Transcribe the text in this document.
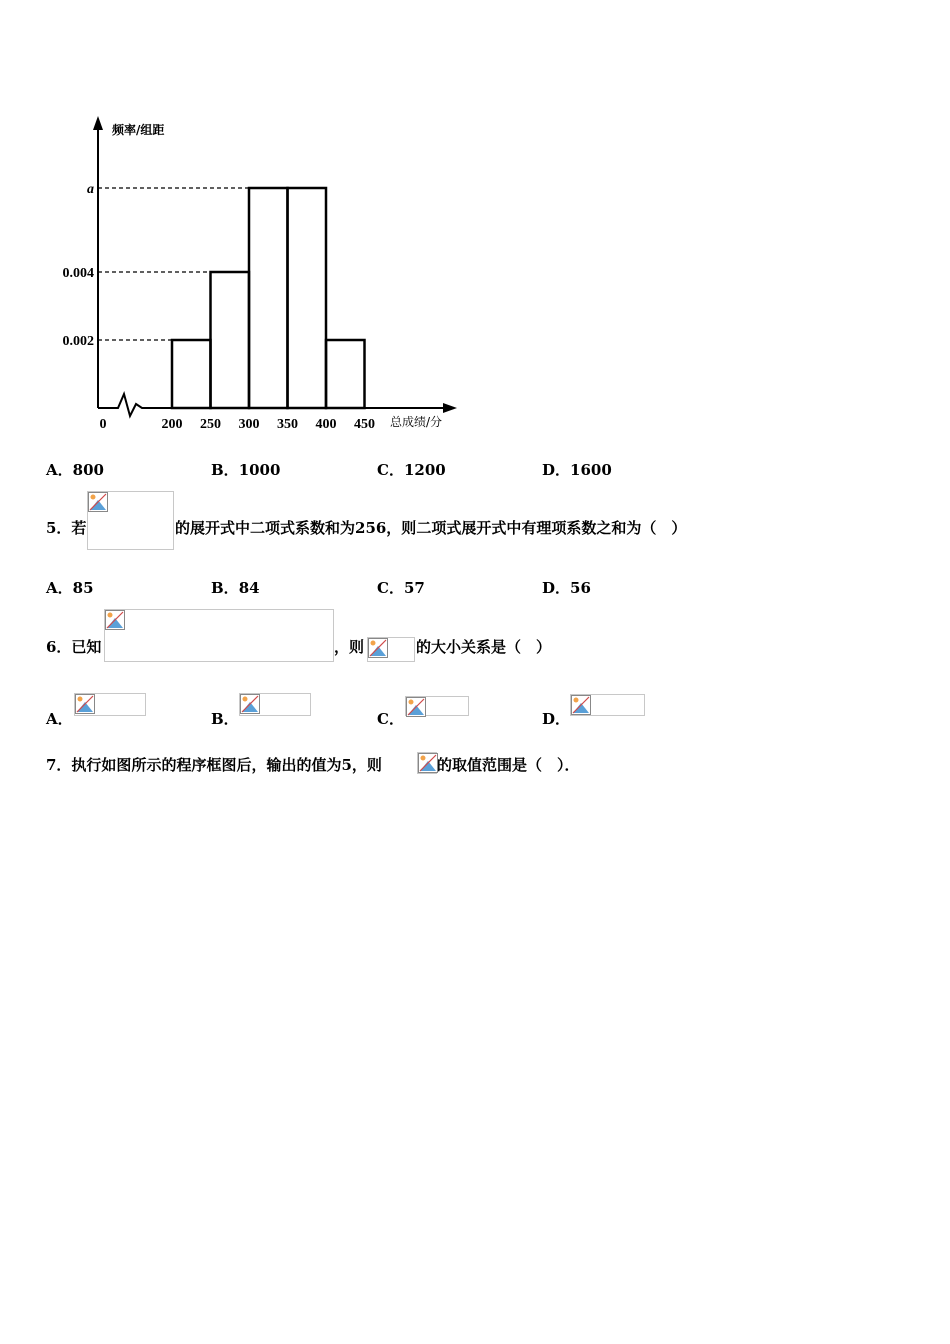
0.002
0.004
a
200 250 300 350 400 450
0
频率/组距
总成绩/分
A．800	B．1000	C．1200	D．1600
5．若	的展开式中二项式系数和为256，则二项式展开式中有理项系数之和为（　）
A．85	B．84	C．57	D．56
6．已知	，则	的大小关系是（　）
A．	B．	C．	D．
7．执行如图所示的程序框图后，输出的值为5，则	的取值范围是（　）．
